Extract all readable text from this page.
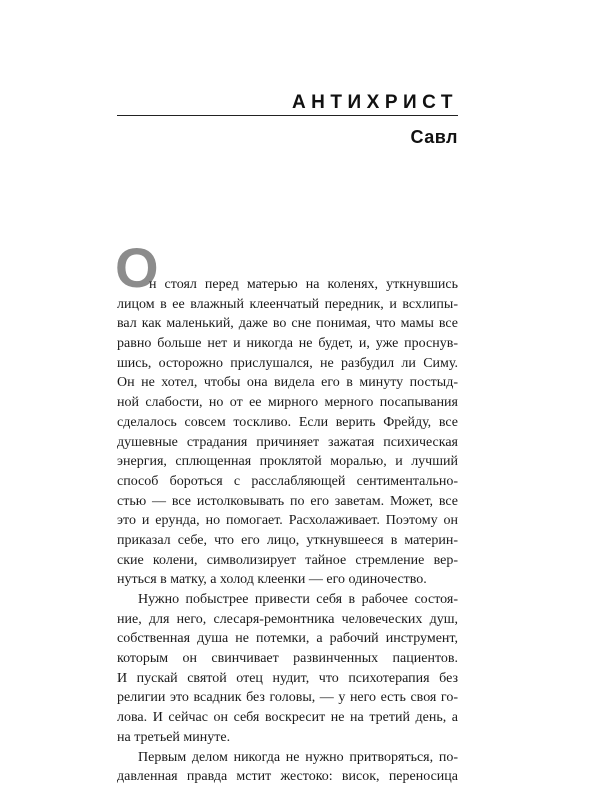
АНТИХРИСТ
Савл
О
н стоял перед матерью на коленях, уткнувшись
лицом в ее влажный клеенчатый передник, и всхлипы-
вал как маленький, даже во сне понимая, что мамы все
равно больше нет и никогда не будет, и, уже проснув-
шись, осторожно прислушался, не разбудил ли Симу.
Он не хотел, чтобы она видела его в минуту постыд-
ной слабости, но от ее мирного мерного посапывания
сделалось совсем тоскливо. Если верить Фрейду, все
душевные страдания причиняет зажатая психическая
энергия, сплющенная проклятой моралью, и лучший
способ бороться с расслабляющей сентиментально-
стью — все истолковывать по его заветам. Может, все
это и ерунда, но помогает. Расхолаживает. Поэтому он
приказал себе, что его лицо, уткнувшееся в материн-
ские колени, символизирует тайное стремление вер-
нуться в матку, а холод клеенки — его одиночество.
Нужно побыстрее привести себя в рабочее состоя-
ние, для него, слесаря-ремонтника человеческих душ,
собственная душа не потемки, а рабочий инструмент,
которым он свинчивает развинченных пациентов.
И пускай святой отец нудит, что психотерапия без
религии это всадник без головы, — у него есть своя го-
лова. И сейчас он себя воскресит не на третий день, а
на третьей минуте.
Первым делом никогда не нужно притворяться, по-
давленная правда мстит жестоко: висок, переносица
